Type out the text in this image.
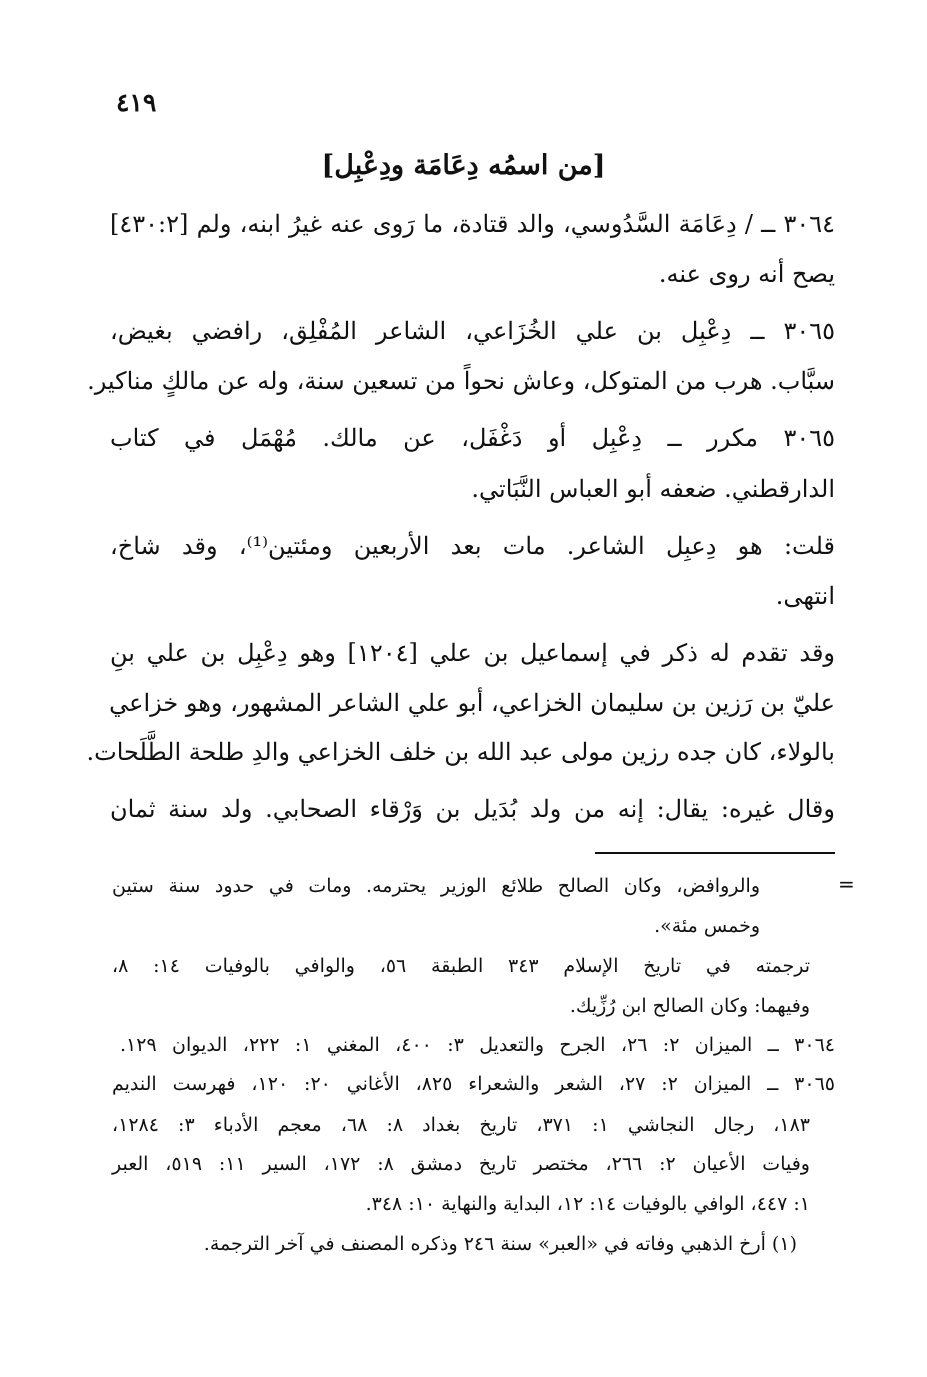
٤١٩
[من اسمُه دِعَامَة ودِعْبِل]
٣٠٦٤ ــ / دِعَامَة السَّدُوسي، والد قتادة، ما رَوى عنه غيرُ ابنه، ولم [٤٣٠:٢]
يصح أنه روى عنه.
٣٠٦٥ ــ دِعْبِل بن علي الخُزَاعي، الشاعر المُفْلِق، رافضي بغيض،
سبَّاب. هرب من المتوكل، وعاش نحواً من تسعين سنة، وله عن مالكٍ مناكير.
٣٠٦٥ مكرر ــ دِعْبِل أو دَغْفَل، عن مالك. مُهْمَل في كتاب
الدارقطني. ضعفه أبو العباس النَّبَاتي.
قلت: هو دِعبِل الشاعر. مات بعد الأربعين ومئتين⁽¹⁾، وقد شاخ،
انتهى.
وقد تقدم له ذكر في إسماعيل بن علي [١٢٠٤] وهو دِعْبِل بن علي بنِ
عليّ بن رَزين بن سليمان الخزاعي، أبو علي الشاعر المشهور، وهو خزاعي
بالولاء، كان جده رزين مولى عبد الله بن خلف الخزاعي والدِ طلحة الطَّلَحات.
وقال غيره: يقال: إنه من ولد بُدَيل بن وَرْقاء الصحابي. ولد سنة ثمان
=
والروافض، وكان الصالح طلائع الوزير يحترمه. ومات في حدود سنة ستين
وخمس مئة».
ترجمته في تاريخ الإسلام ٣٤٣ الطبقة ٥٦، والوافي بالوفيات ١٤: ٨،
وفيهما: وكان الصالح ابن رُزِّيك.
٣٠٦٤ ــ الميزان ٢: ٢٦، الجرح والتعديل ٣: ٤٠٠، المغني ١: ٢٢٢، الديوان ١٢٩.
٣٠٦٥ ــ الميزان ٢: ٢٧، الشعر والشعراء ٨٢٥، الأغاني ٢٠: ١٢٠، فهرست النديم
١٨٣، رجال النجاشي ١: ٣٧١، تاريخ بغداد ٨: ٦٨، معجم الأدباء ٣: ١٢٨٤،
وفيات الأعيان ٢: ٢٦٦، مختصر تاريخ دمشق ٨: ١٧٢، السير ١١: ٥١٩، العبر
١: ٤٤٧، الوافي بالوفيات ١٤: ١٢، البداية والنهاية ١٠: ٣٤٨.
(١) أرخ الذهبي وفاته في «العبر» سنة ٢٤٦ وذكره المصنف في آخر الترجمة.
